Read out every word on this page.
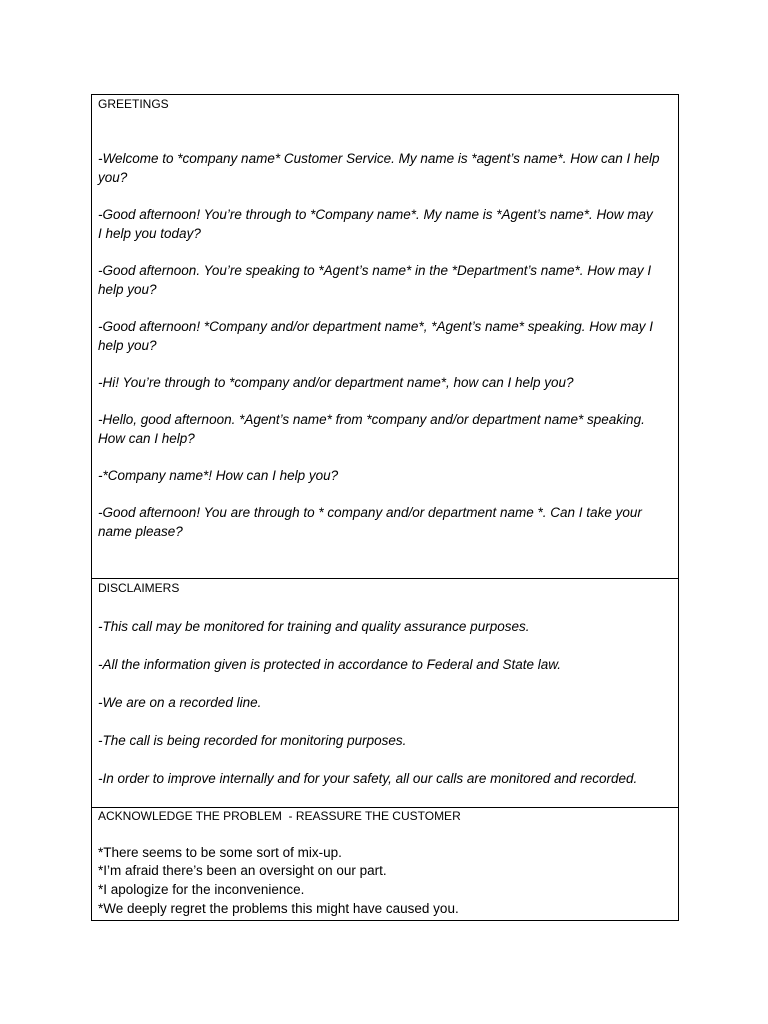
GREETINGS
-Welcome to *company name* Customer Service. My name is *agent’s name*. How can I help
you?
-Good afternoon! You’re through to *Company name*. My name is *Agent’s name*. How may
I help you today?
-Good afternoon. You’re speaking to *Agent’s name* in the *Department’s name*. How may I
help you?
-Good afternoon! *Company and/or department name*, *Agent’s name* speaking. How may I
help you?
-Hi! You’re through to *company and/or department name*, how can I help you?
-Hello, good afternoon. *Agent’s name* from *company and/or department name* speaking.
How can I help?
-*Company name*! How can I help you?
-Good afternoon! You are through to * company and/or department name *. Can I take your
name please?
DISCLAIMERS
-This call may be monitored for training and quality assurance purposes.
-All the information given is protected in accordance to Federal and State law.
-We are on a recorded line.
-The call is being recorded for monitoring purposes.
-In order to improve internally and for your safety, all our calls are monitored and recorded.
ACKNOWLEDGE THE PROBLEM  - REASSURE THE CUSTOMER
*There seems to be some sort of mix-up.
*I’m afraid there’s been an oversight on our part.
*I apologize for the inconvenience.
*We deeply regret the problems this might have caused you.
